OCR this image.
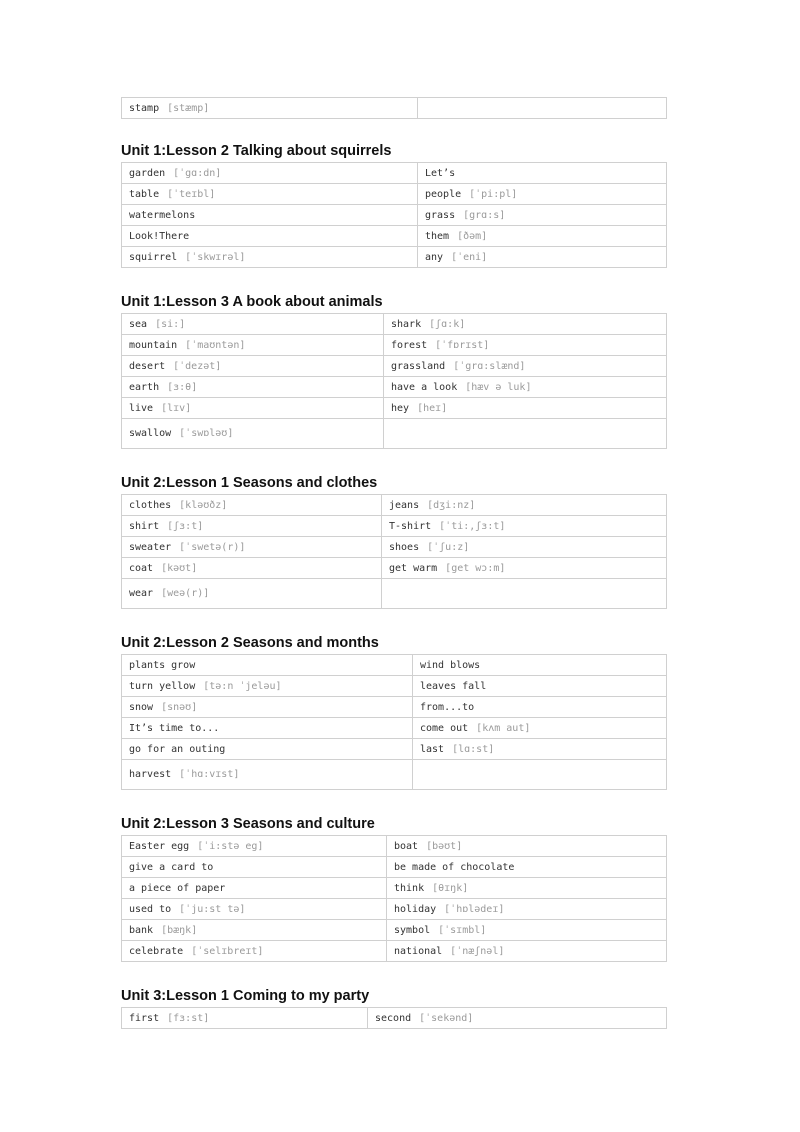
stamp [stæmp]	
Unit 1:Lesson 2 Talking about squirrels
garden [ˈgɑ:dn]	Let’s
table [ˈteɪbl]	people [ˈpi:pl]
watermelons	grass [grɑ:s]
Look!There	them [ðəm]
squirrel [ˈskwɪrəl]	any [ˈeni]
Unit 1:Lesson 3 A book about animals
sea [si:]	shark [ʃɑ:k]
mountain [ˈmaʊntən]	forest [ˈfɒrɪst]
desert [ˈdezət]	grassland [ˈgrɑ:slænd]
earth [ɜ:θ]	have a look [hæv ə luk]
live [lɪv]	hey [heɪ]
swallow [ˈswɒləʊ]	
Unit 2:Lesson 1 Seasons and clothes
clothes [kləʊðz]	jeans [dʒi:nz]
shirt [ʃɜ:t]	T-shirt [ˈti:,ʃɜ:t]
sweater [ˈswetə(r)]	shoes [ˈʃu:z]
coat [kəʊt]	get warm [get wɔ:m]
wear [weə(r)]	
Unit 2:Lesson 2 Seasons and months
plants grow	wind blows
turn yellow [tə:n ˈjeləu]	leaves fall
snow [snəʊ]	from...to
It’s time to...	come out [kʌm aut]
go for an outing	last [lɑ:st]
harvest [ˈhɑ:vɪst]	
Unit 2:Lesson 3 Seasons and culture
Easter egg [ˈi:stə eg]	boat [bəʊt]
give a card to	be made of chocolate
a piece of paper	think [θɪŋk]
used to [ˈju:st tə]	holiday [ˈhɒlədeɪ]
bank [bæŋk]	symbol [ˈsɪmbl]
celebrate [ˈselɪbreɪt]	national [ˈnæʃnəl]
Unit 3:Lesson 1 Coming to my party
first [fɜ:st]	second [ˈsekənd]
